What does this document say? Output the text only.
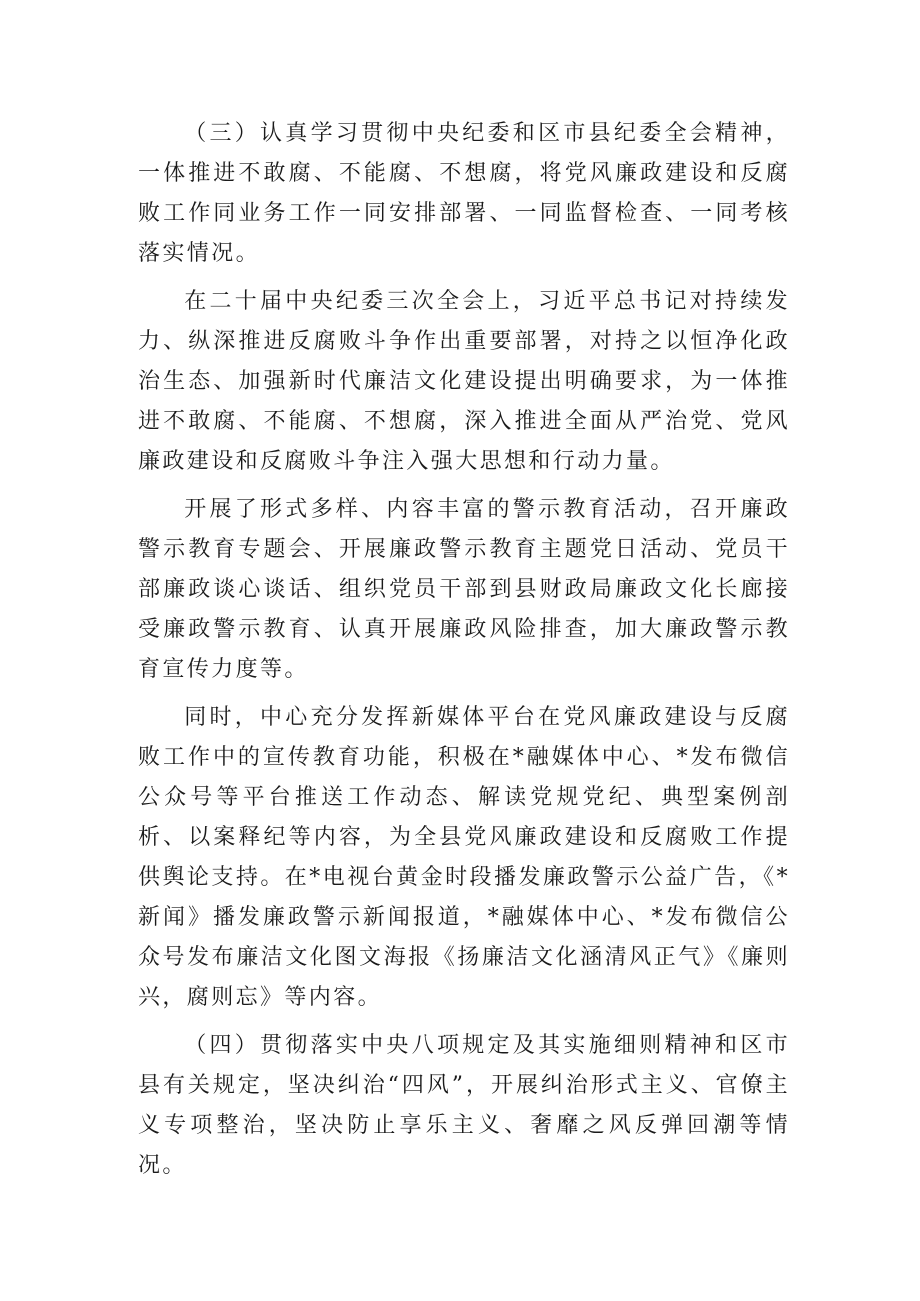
（三）认真学习贯彻中央纪委和区市县纪委全会精神，一体推进不敢腐、不能腐、不想腐，将党风廉政建设和反腐败工作同业务工作一同安排部署、一同监督检查、一同考核落实情况。

在二十届中央纪委三次全会上，习近平总书记对持续发力、纵深推进反腐败斗争作出重要部署，对持之以恒净化政治生态、加强新时代廉洁文化建设提出明确要求，为一体推进不敢腐、不能腐、不想腐，深入推进全面从严治党、党风廉政建设和反腐败斗争注入强大思想和行动力量。

开展了形式多样、内容丰富的警示教育活动，召开廉政警示教育专题会、开展廉政警示教育主题党日活动、党员干部廉政谈心谈话、组织党员干部到县财政局廉政文化长廊接受廉政警示教育、认真开展廉政风险排查，加大廉政警示教育宣传力度等。

同时，中心充分发挥新媒体平台在党风廉政建设与反腐败工作中的宣传教育功能，积极在*融媒体中心、*发布微信公众号等平台推送工作动态、解读党规党纪、典型案例剖析、以案释纪等内容，为全县党风廉政建设和反腐败工作提供舆论支持。在*电视台黄金时段播发廉政警示公益广告，《*新闻》播发廉政警示新闻报道，*融媒体中心、*发布微信公众号发布廉洁文化图文海报《扬廉洁文化涵清风正气》《廉则兴，腐则忘》等内容。

（四）贯彻落实中央八项规定及其实施细则精神和区市县有关规定，坚决纠治“四风”，开展纠治形式主义、官僚主义专项整治，坚决防止享乐主义、奢靡之风反弹回潮等情况。
